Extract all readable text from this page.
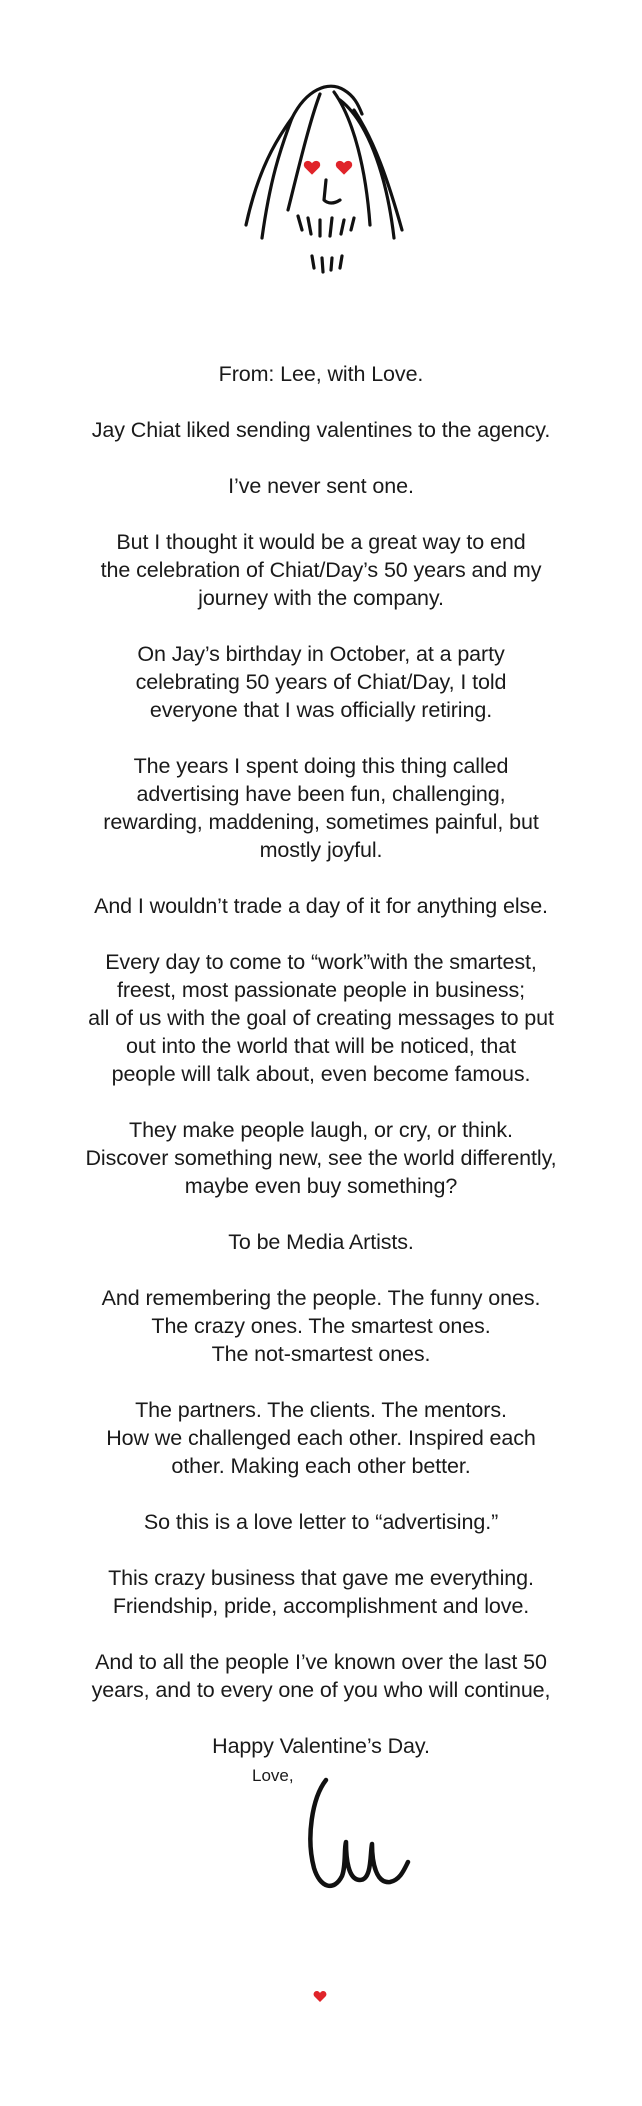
From: Lee, with Love.

Jay Chiat liked sending valentines to the agency.

I’ve never sent one.

But I thought it would be a great way to end
the celebration of Chiat/Day’s 50 years and my
journey with the company.

On Jay’s birthday in October, at a party
celebrating 50 years of Chiat/Day, I told
everyone that I was officially retiring.

The years I spent doing this thing called
advertising have been fun, challenging,
rewarding, maddening, sometimes painful, but
mostly joyful.

And I wouldn’t trade a day of it for anything else.

Every day to come to “work”with the smartest,
freest, most passionate people in business;
all of us with the goal of creating messages to put
out into the world that will be noticed, that
people will talk about, even become famous.

They make people laugh, or cry, or think.
Discover something new, see the world differently,
maybe even buy something?

To be Media Artists.

And remembering the people. The funny ones.
The crazy ones. The smartest ones.
The not-smartest ones.

The partners. The clients. The mentors.
How we challenged each other. Inspired each
other. Making each other better.

So this is a love letter to “advertising.”

This crazy business that gave me everything.
Friendship, pride, accomplishment and love.

And to all the people I’ve known over the last 50
years, and to every one of you who will continue,

Happy Valentine’s Day.

Love,
